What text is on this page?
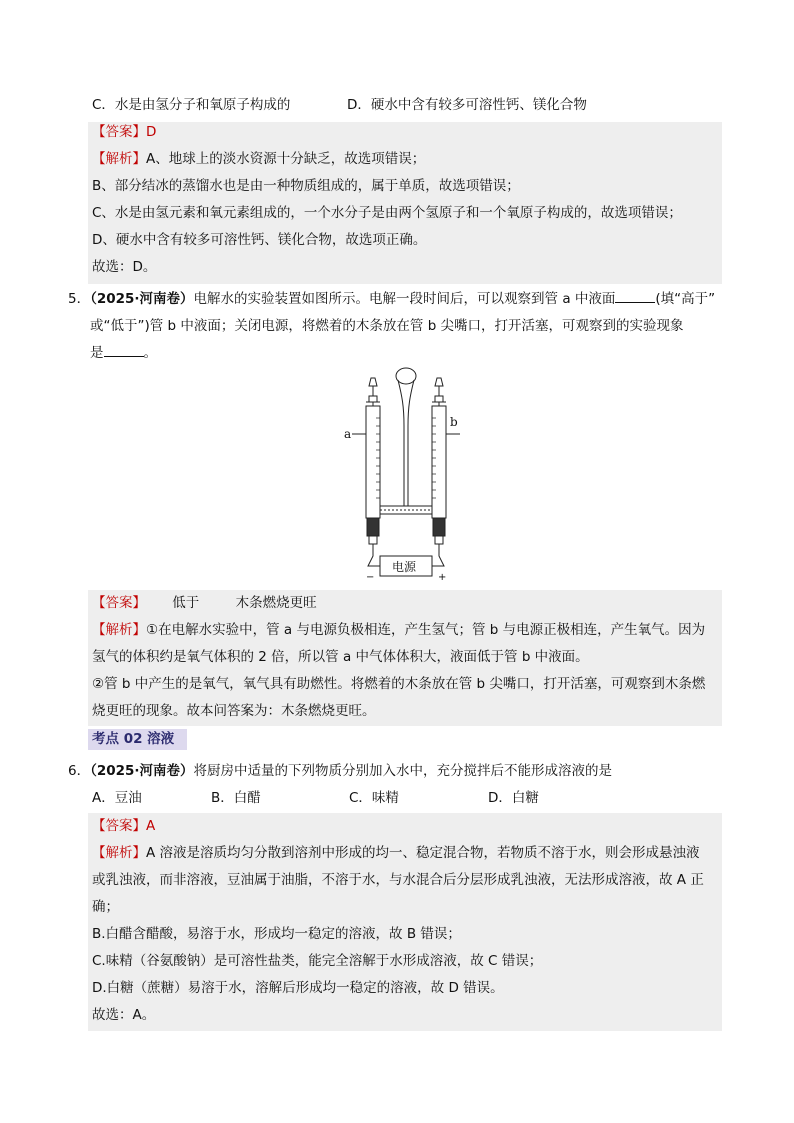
C．水是由氢分子和氧原子构成的	D．硬水中含有较多可溶性钙、镁化合物
【答案】D
【解析】A、地球上的淡水资源十分缺乏，故选项错误；
B、部分结冰的蒸馏水也是由一种物质组成的，属于单质，故选项错误；
C、水是由氢元素和氧元素组成的，一个水分子是由两个氢原子和一个氧原子构成的，故选项错误；
D、硬水中含有较多可溶性钙、镁化合物，故选项正确。
故选：D。
5．（2025·河南卷）电解水的实验装置如图所示。电解一段时间后，可以观察到管 a 中液面	(填“高于”
或“低于”)管 b 中液面；关闭电源，将燃着的木条放在管 b 尖嘴口，打开活塞，可观察到的实验现象
是	。
a
b
电源
−	+
【答案】 低于	木条燃烧更旺
【解析】①在电解水实验中，管 a 与电源负极相连，产生氢气；管 b 与电源正极相连，产生氧气。因为
氢气的体积约是氧气体积的 2 倍，所以管 a 中气体体积大，液面低于管 b 中液面。
②管 b 中产生的是氧气，氧气具有助燃性。将燃着的木条放在管 b 尖嘴口，打开活塞，可观察到木条燃
烧更旺的现象。故本问答案为：木条燃烧更旺。
考点 02 溶液
6．（2025·河南卷）将厨房中适量的下列物质分别加入水中，充分搅拌后不能形成溶液的是
A．豆油	B．白醋	C．味精	D．白糖
【答案】A
【解析】A 溶液是溶质均匀分散到溶剂中形成的均一、稳定混合物，若物质不溶于水，则会形成悬浊液
或乳浊液，而非溶液，豆油属于油脂，不溶于水，与水混合后分层形成乳浊液，无法形成溶液，故 A 正
确；
B.白醋含醋酸，易溶于水，形成均一稳定的溶液，故 B 错误；
C.味精（谷氨酸钠）是可溶性盐类，能完全溶解于水形成溶液，故 C 错误；
D.白糖（蔗糖）易溶于水，溶解后形成均一稳定的溶液，故 D 错误。
故选：A。
